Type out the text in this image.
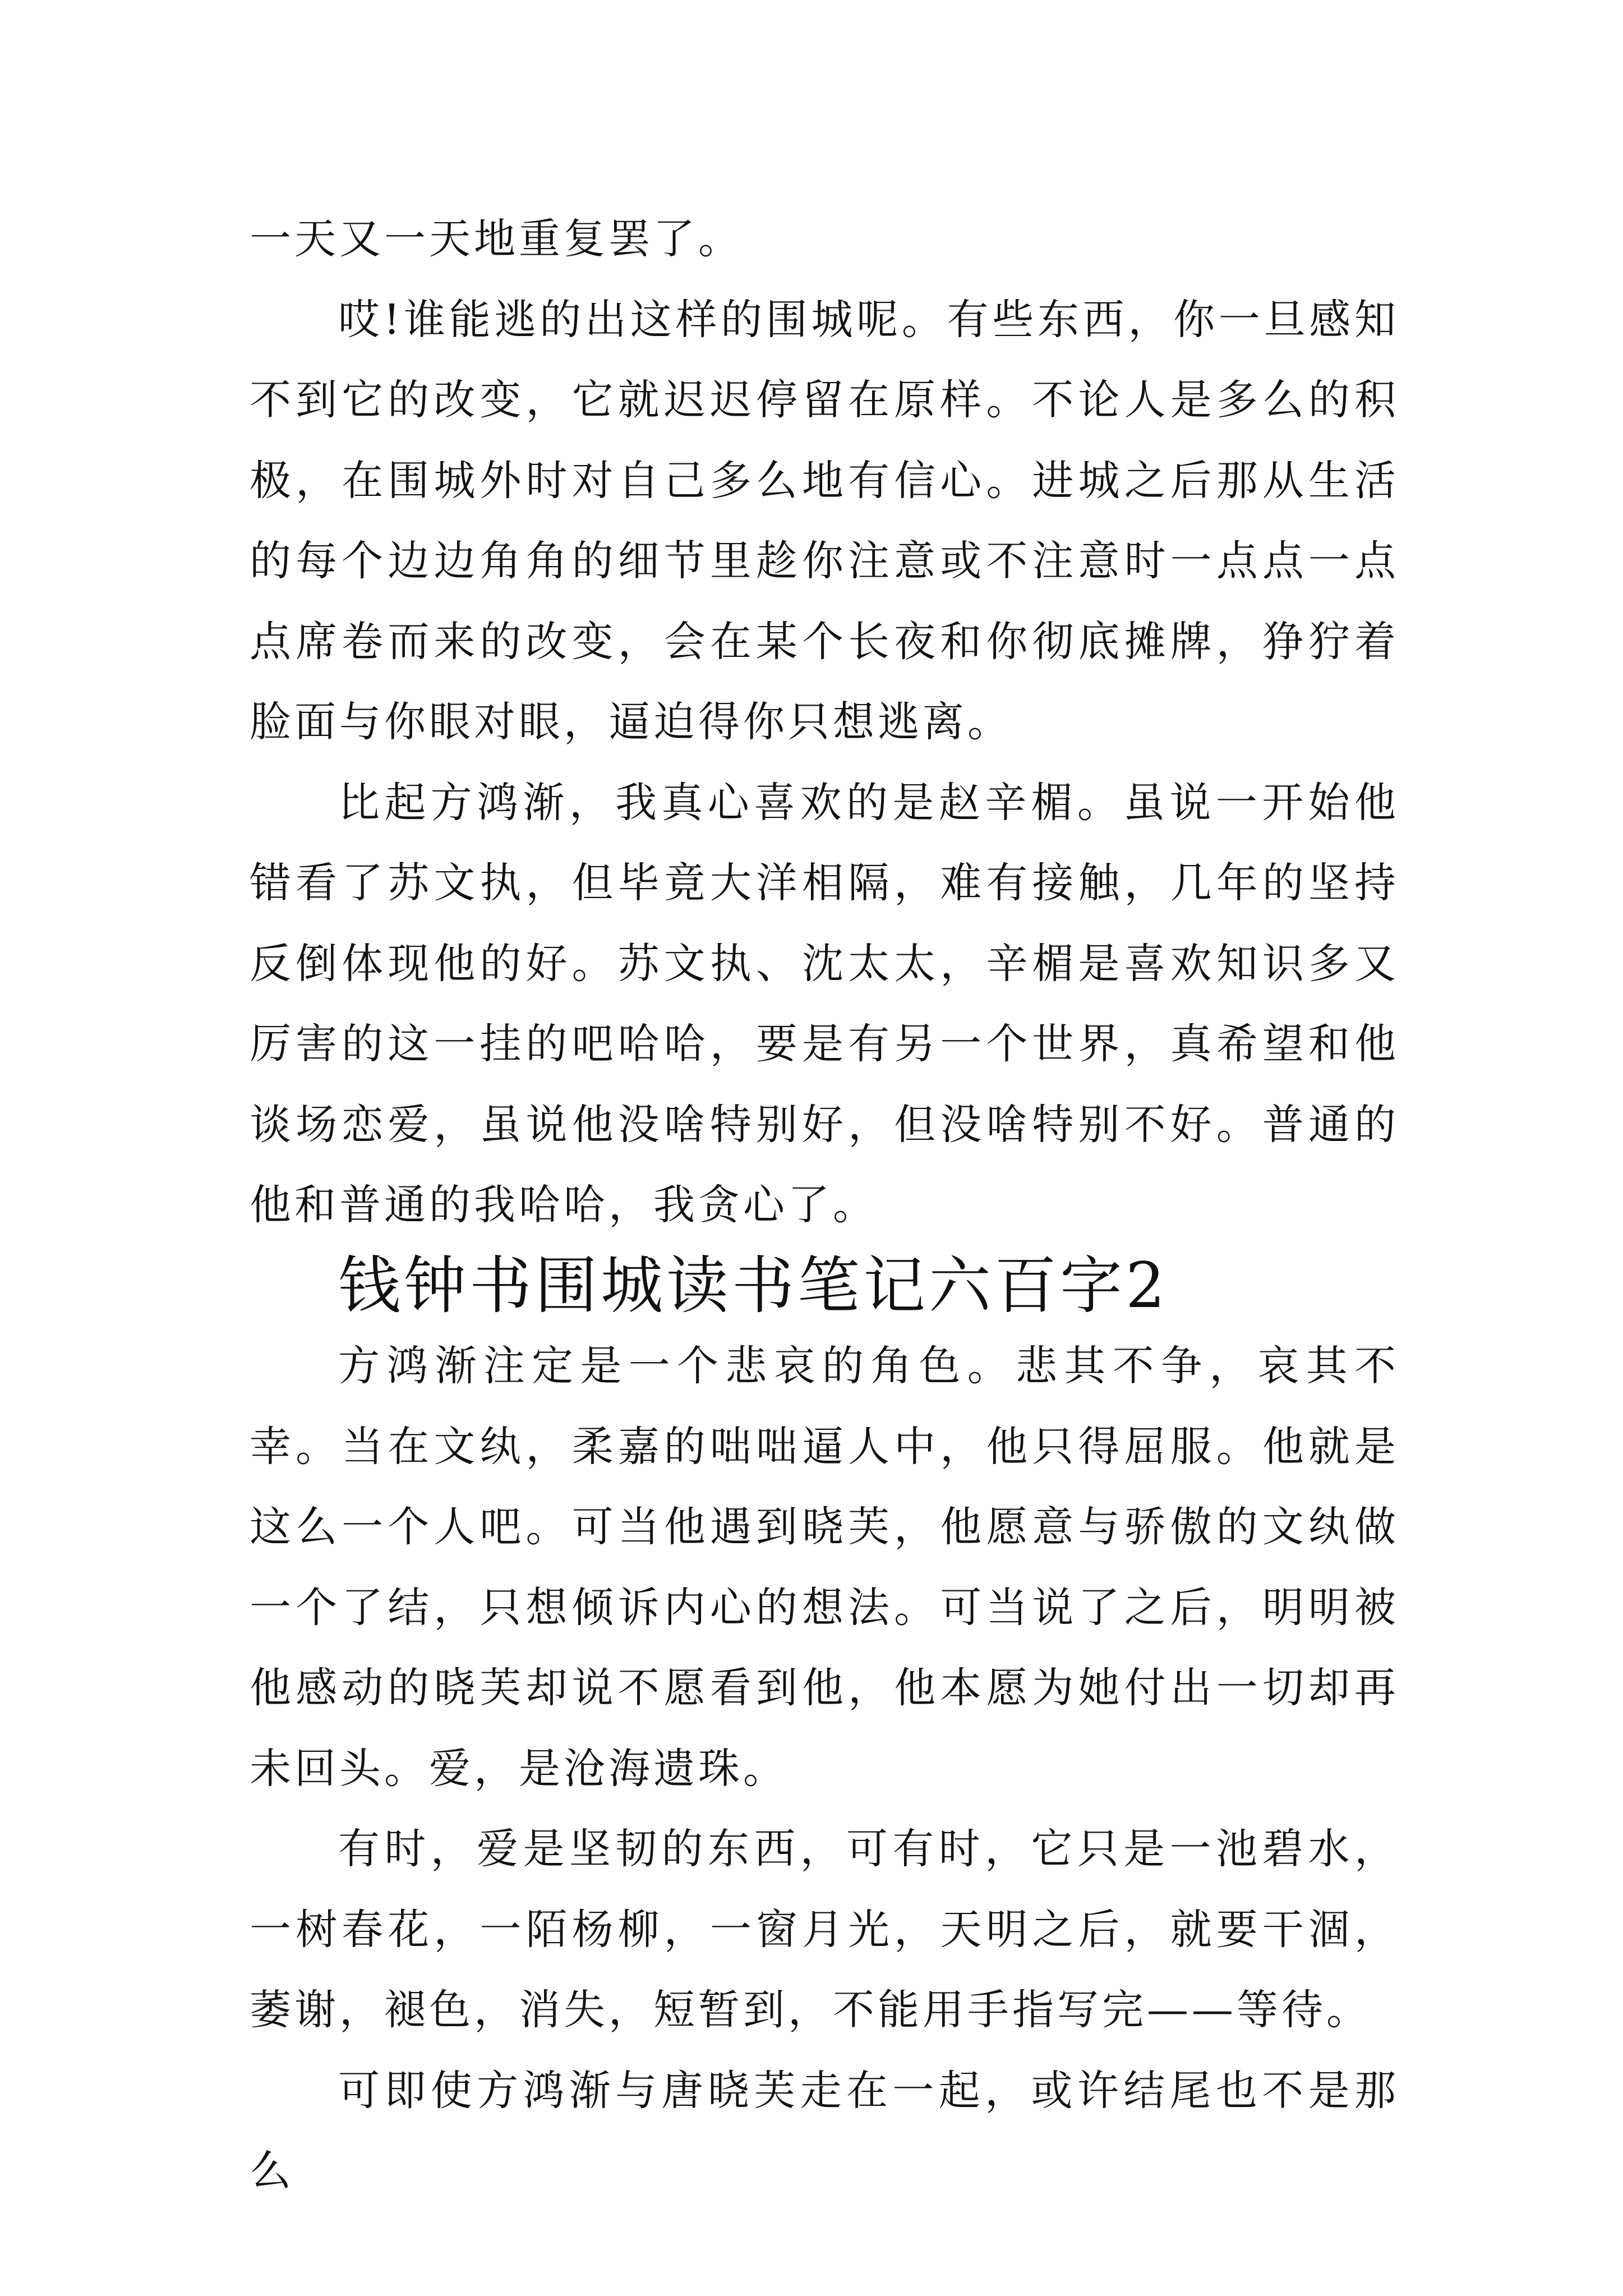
一天又一天地重复罢了。

哎!谁能逃的出这样的围城呢。有些东西，你一旦感知不到它的改变，它就迟迟停留在原样。不论人是多么的积极，在围城外时对自己多么地有信心。进城之后那从生活的每个边边角角的细节里趁你注意或不注意时一点点一点点席卷而来的改变，会在某个长夜和你彻底摊牌，狰狞着脸面与你眼对眼，逼迫得你只想逃离。

比起方鸿渐，我真心喜欢的是赵辛楣。虽说一开始他错看了苏文执，但毕竟大洋相隔，难有接触，几年的坚持反倒体现他的好。苏文执、沈太太，辛楣是喜欢知识多又厉害的这一挂的吧哈哈，要是有另一个世界，真希望和他谈场恋爱，虽说他没啥特别好，但没啥特别不好。普通的他和普通的我哈哈，我贪心了。

钱钟书围城读书笔记六百字2

方鸿渐注定是一个悲哀的角色。悲其不争，哀其不幸。当在文纨，柔嘉的咄咄逼人中，他只得屈服。他就是这么一个人吧。可当他遇到晓芙，他愿意与骄傲的文纨做一个了结，只想倾诉内心的想法。可当说了之后，明明被他感动的晓芙却说不愿看到他，他本愿为她付出一切却再未回头。爱，是沧海遗珠。

有时，爱是坚韧的东西，可有时，它只是一池碧水，一树春花，一陌杨柳，一窗月光，天明之后，就要干涸，萎谢，褪色，消失，短暂到，不能用手指写完——等待。

可即使方鸿渐与唐晓芙走在一起，或许结尾也不是那么
